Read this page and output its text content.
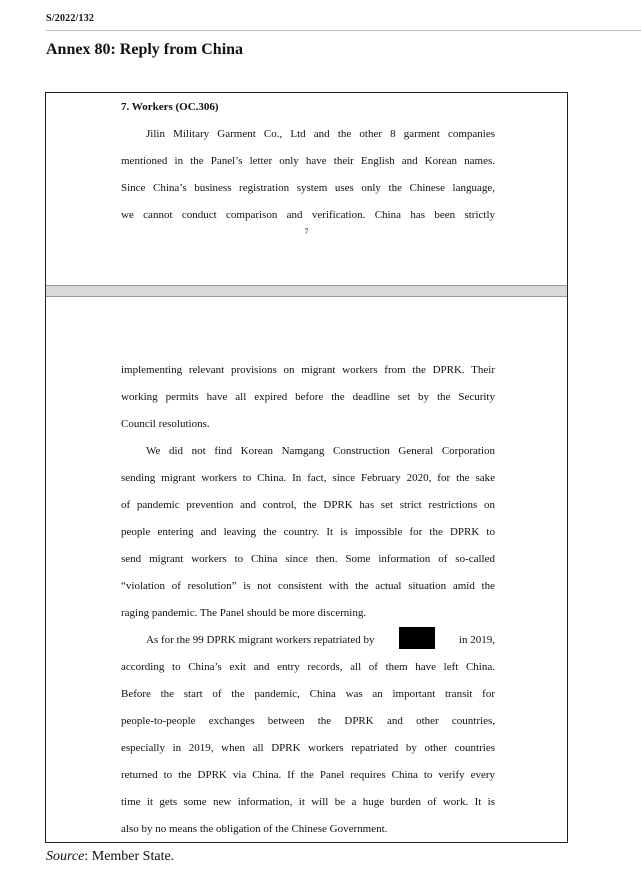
S/2022/132
Annex 80: Reply from China
7. Workers (OC.306)
Jilin Military Garment Co., Ltd and the other 8 garment companies
mentioned in the Panel’s letter only have their English and Korean names.
Since China’s business registration system uses only the Chinese language,
we cannot conduct comparison and verification. China has been strictly
7
implementing relevant provisions on migrant workers from the DPRK. Their
working permits have all expired before the deadline set by the Security
Council resolutions.
We did not find Korean Namgang Construction General Corporation
sending migrant workers to China. In fact, since February 2020, for the sake
of pandemic prevention and control, the DPRK has set strict restrictions on
people entering and leaving the country. It is impossible for the DPRK to
send migrant workers to China since then. Some information of so-called
“violation of resolution” is not consistent with the actual situation amid the
raging pandemic. The Panel should be more discerning.
As for the 99 DPRK migrant workers repatriated by	in 2019,
according to China’s exit and entry records, all of them have left China.
Before the start of the pandemic, China was an important transit for
people-to-people exchanges between the DPRK and other countries,
especially in 2019, when all DPRK workers repatriated by other countries
returned to the DPRK via China. If the Panel requires China to verify every
time it gets some new information, it will be a huge burden of work. It is
also by no means the obligation of the Chinese Government.
Source: Member State.
